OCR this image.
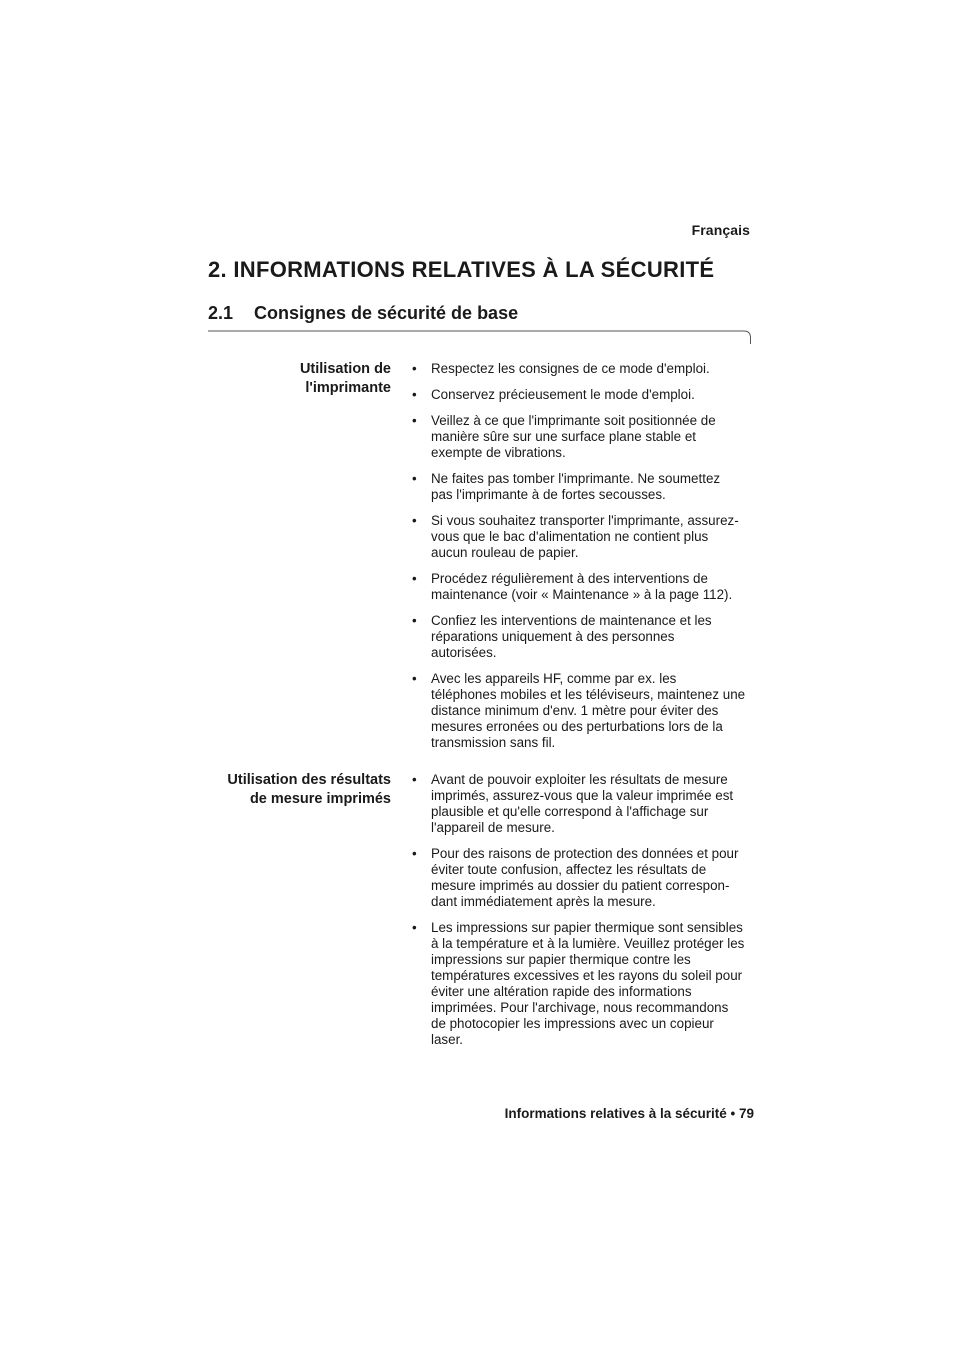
Français
2. INFORMATIONS RELATIVES À LA SÉCURITÉ
2.1 Consignes de sécurité de base
Utilisation de
l'imprimante
• Respectez les consignes de ce mode d'emploi.
• Conservez précieusement le mode d'emploi.
• Veillez à ce que l'imprimante soit positionnée de
manière sûre sur une surface plane stable et
exempte de vibrations.
• Ne faites pas tomber l'imprimante. Ne soumettez
pas l'imprimante à de fortes secousses.
• Si vous souhaitez transporter l'imprimante, assurez-
vous que le bac d'alimentation ne contient plus
aucun rouleau de papier.
• Procédez régulièrement à des interventions de
maintenance (voir « Maintenance » à la page 112).
• Confiez les interventions de maintenance et les
réparations uniquement à des personnes
autorisées.
• Avec les appareils HF, comme par ex. les
téléphones mobiles et les téléviseurs, maintenez une
distance minimum d'env. 1 mètre pour éviter des
mesures erronées ou des perturbations lors de la
transmission sans fil.
Utilisation des résultats
de mesure imprimés
• Avant de pouvoir exploiter les résultats de mesure
imprimés, assurez-vous que la valeur imprimée est
plausible et qu'elle correspond à l'affichage sur
l'appareil de mesure.
• Pour des raisons de protection des données et pour
éviter toute confusion, affectez les résultats de
mesure imprimés au dossier du patient correspon-
dant immédiatement après la mesure.
• Les impressions sur papier thermique sont sensibles
à la température et à la lumière. Veuillez protéger les
impressions sur papier thermique contre les
températures excessives et les rayons du soleil pour
éviter une altération rapide des informations
imprimées. Pour l'archivage, nous recommandons
de photocopier les impressions avec un copieur
laser.
Informations relatives à la sécurité • 79
